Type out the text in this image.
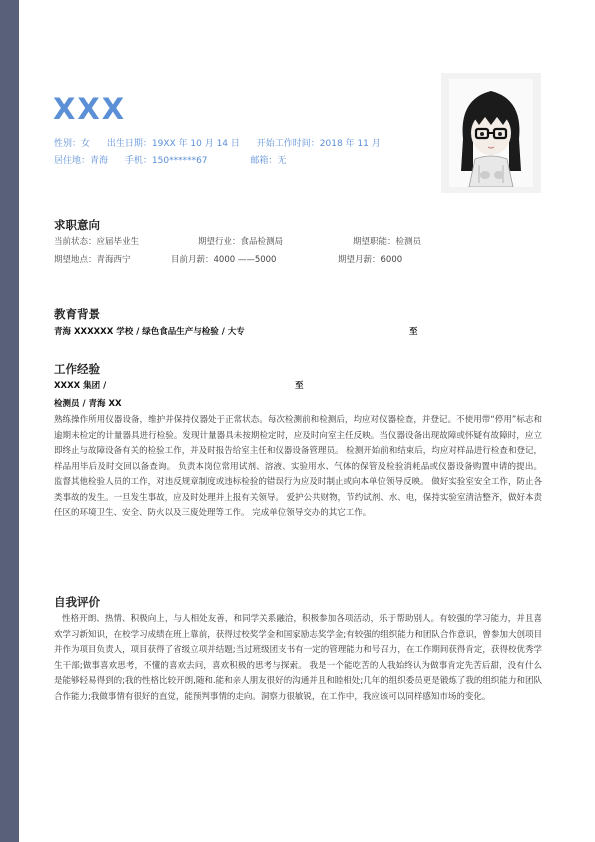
XXX
性别：女 出生日期：19XX 年 10 月 14 日 开始工作时间：2018 年 11 月
居住地：青海 手机：150******67	邮箱：无
求职意向
当前状态：应届毕业生	期望行业：食品检测局	期望职能：检测员
期望地点：青海西宁	目前月薪：4000 ——5000	期望月薪：6000
教育背景
青海 XXXXXX 学校 / 绿色食品生产与检验 / 大专	至
工作经验
XXXX 集团 /	至
检测员 / 青海 XX

熟练操作所用仪器设备，维护并保持仪器处于正常状态。每次检测前和检测后，均应对仪器检查，并登记。不使用带“停用”标志和逾期未检定的计量器具进行检验。发现计量器具未按期检定时，应及时向室主任反映。当仪器设备出现故障或怀疑有故障时，应立即终止与故障设备有关的检验工作，并及时报告给室主任和仪器设备管理员。 检测开始前和结束后，均应对样品进行检查和登记，样品用毕后及时交回以备查询。 负责本岗位常用试剂、溶液、实验用水、气体的保管及检验消耗品或仪器设备购置申请的提出。 监督其他检验人员的工作，对违反规章制度或违标检验的错误行为应及时制止或向本单位领导反映。 做好实验室安全工作，防止各类事故的发生。一旦发生事故，应及时处理并上报有关领导。 爱护公共财物，节约试剂、水、电，保持实验室清洁整齐，做好本责任区的环境卫生、安全、防火以及三废处理等工作。 完成单位领导交办的其它工作。

自我评价

性格开朗、热情、积极向上，与人相处友善，和同学关系融洽，积极参加各项活动，乐于帮助别人。有较强的学习能力，并且喜欢学习新知识，在校学习成绩在班上靠前，获得过校奖学金和国家励志奖学金;有较强的组织能力和团队合作意识，曾参加大创项目并作为项目负责人，项目获得了省级立项并结题;当过班级团支书有一定的管理能力和号召力，在工作期间获得肯定，获得校优秀学生干部;做事喜欢思考，不懂的喜欢去问，喜欢积极的思考与探索。 我是一个能吃苦的人我始终认为做事肯定先苦后甜，没有什么是能够轻易得到的;我的性格比较开朗,随和.能和亲人朋友很好的沟通并且和睦相处;几年的组织委员更是锻炼了我的组织能力和团队合作能力;我做事情有很好的直觉，能预判事情的走向。洞察力很敏锐，在工作中，我应该可以同样感知市场的变化。
